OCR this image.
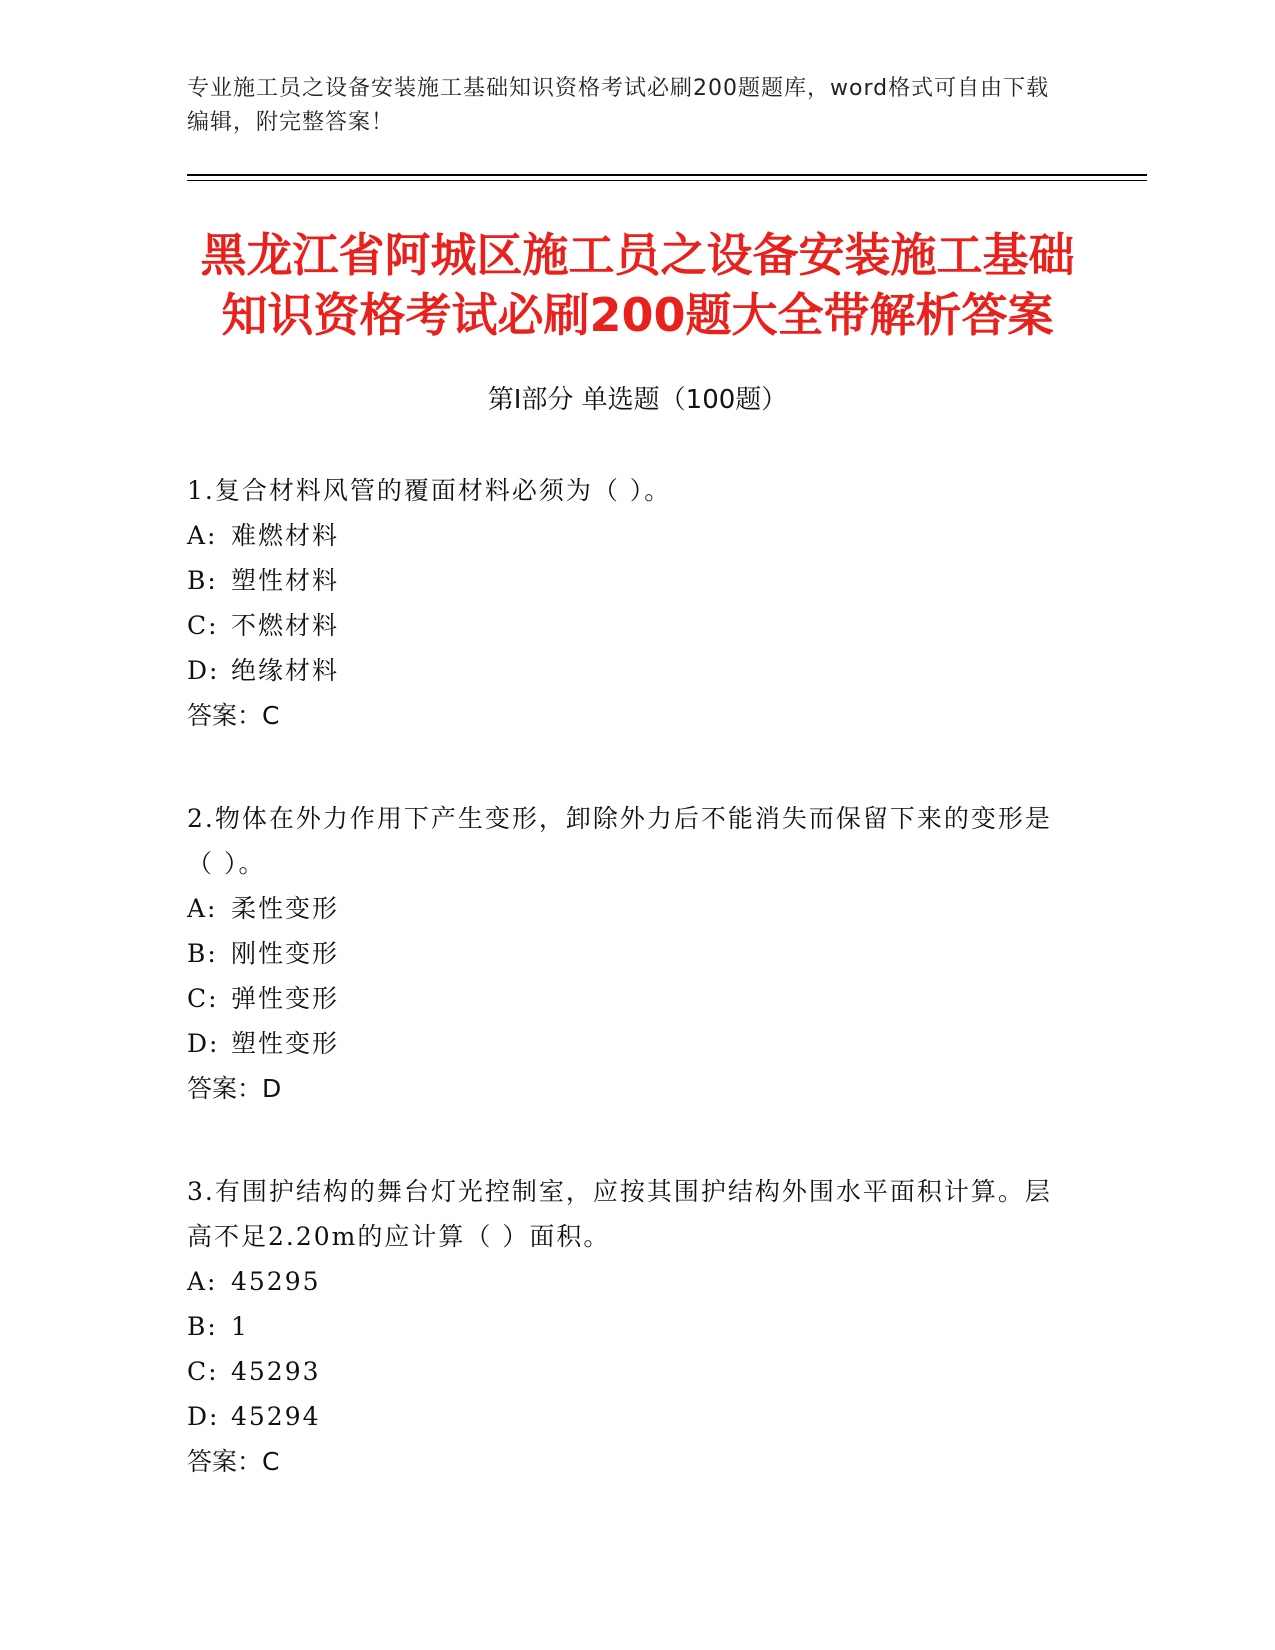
专业施工员之设备安装施工基础知识资格考试必刷200题题库，word格式可自由下载编辑，附完整答案！
黑龙江省阿城区施工员之设备安装施工基础
知识资格考试必刷200题大全带解析答案
第Ⅰ部分 单选题（100题）
1.复合材料风管的覆面材料必须为（ ）。
A: 难燃材料
B: 塑性材料
C: 不燃材料
D: 绝缘材料
答案：C
2.物体在外力作用下产生变形，卸除外力后不能消失而保留下来的变形是（ ）。
A: 柔性变形
B: 刚性变形
C: 弹性变形
D: 塑性变形
答案：D
3.有围护结构的舞台灯光控制室，应按其围护结构外围水平面积计算。层高不足2.20m的应计算（ ）面积。
A: 45295
B: 1
C: 45293
D: 45294
答案：C
